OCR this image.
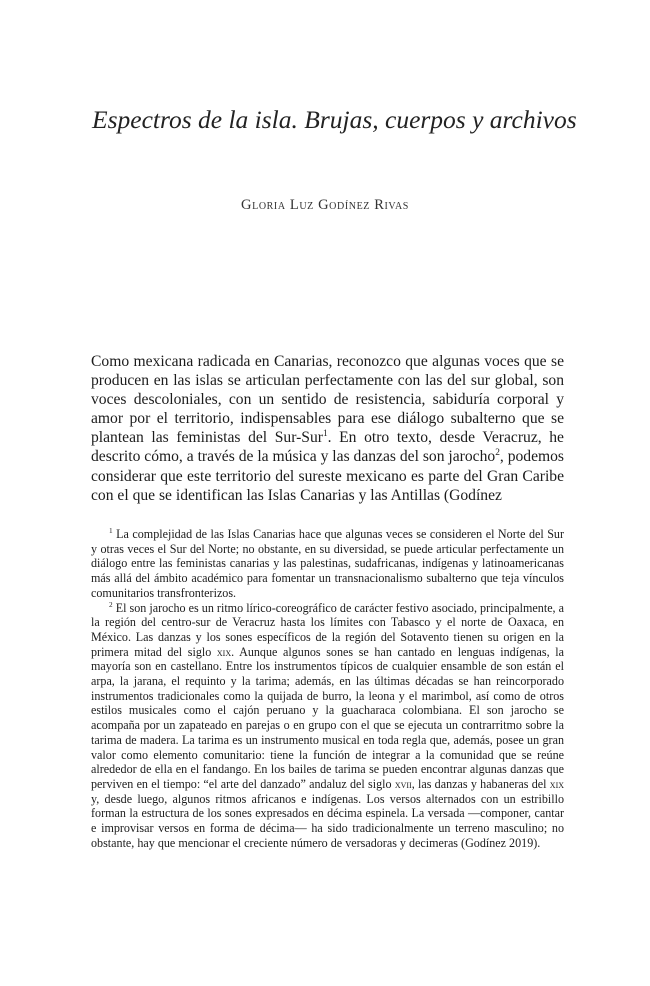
Espectros de la isla. Brujas, cuerpos y archivos
Gloria Luz Godínez Rivas

Como mexicana radicada en Canarias, reconozco que algunas voces que se producen en las islas se articulan perfectamente con las del sur global, son voces descoloniales, con un sentido de resistencia, sabiduría corporal y amor por el territorio, indispensables para ese diálogo subalterno que se plantean las feministas del Sur-Sur$^1$. En otro texto, desde Veracruz, he descrito cómo, a través de la música y las danzas del son jarocho$^2$, podemos considerar que este territorio del sureste mexicano es parte del Gran Caribe con el que se identifican las Islas Canarias y las Antillas (Godínez

$^1$ La complejidad de las Islas Canarias hace que algunas veces se consideren el Norte del Sur y otras veces el Sur del Norte; no obstante, en su diversidad, se puede articular perfectamente un diálogo entre las feministas canarias y las palestinas, sudafricanas, indígenas y latinoamericanas más allá del ámbito académico para fomentar un transnacionalismo subalterno que teja vínculos comunitarios transfronterizos.

$^2$ El son jarocho es un ritmo lírico-coreográfico de carácter festivo asociado, principalmente, a la región del centro-sur de Veracruz hasta los límites con Tabasco y el norte de Oaxaca, en México. Las danzas y los sones específicos de la región del Sotavento tienen su origen en la primera mitad del siglo xix. Aunque algunos sones se han cantado en lenguas indígenas, la mayoría son en castellano. Entre los instrumentos típicos de cualquier ensamble de son están el arpa, la jarana, el requinto y la tarima; además, en las últimas décadas se han reincorporado instrumentos tradicionales como la quijada de burro, la leona y el marimbol, así como de otros estilos musicales como el cajón peruano y la guacharaca colombiana. El son jarocho se acompaña por un zapateado en parejas o en grupo con el que se ejecuta un contrarritmo sobre la tarima de madera. La tarima es un instrumento musical en toda regla que, además, posee un gran valor como elemento comunitario: tiene la función de integrar a la comunidad que se reúne alrededor de ella en el fandango. En los bailes de tarima se pueden encontrar algunas danzas que perviven en el tiempo: “el arte del danzado” andaluz del siglo xvii, las danzas y habaneras del xix y, desde luego, algunos ritmos africanos e indígenas. Los versos alternados con un estribillo forman la estructura de los sones expresados en décima espinela. La versada —componer, cantar e improvisar versos en forma de décima— ha sido tradicionalmente un terreno masculino; no obstante, hay que mencionar el creciente número de versadoras y decimeras (Godínez 2019).
